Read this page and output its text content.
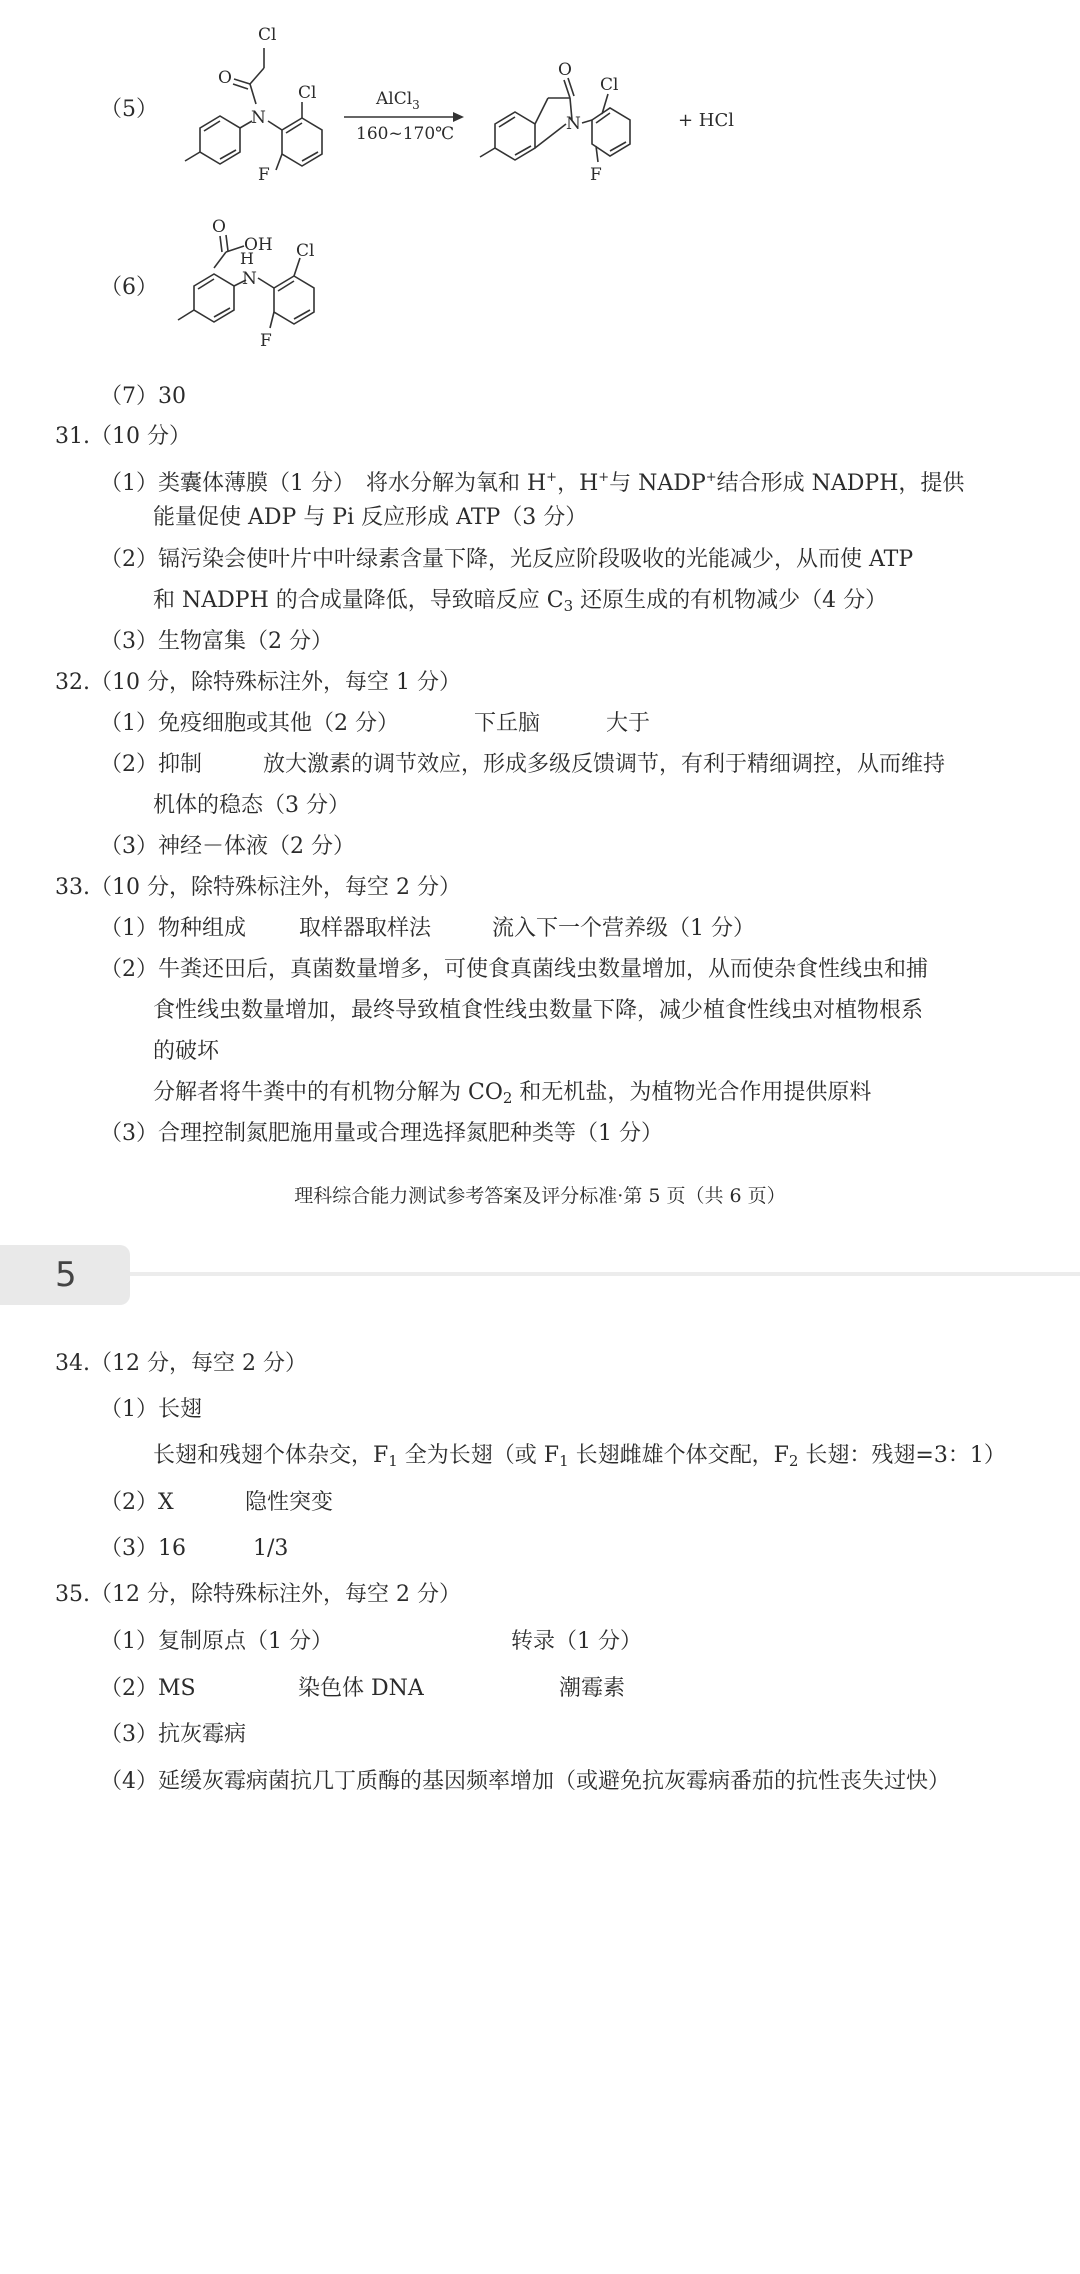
（5）	N
O
Cl
Cl
F
AlCl$_3$
160~170℃
O
N
Cl
F
+ HCl
（6）
O
OH
H
N
Cl
F
（7）30
31.（10 分）
（1）类囊体薄膜（1 分）　将水分解为氧和 H+，H+与 NADP+结合形成 NADPH，提供
能量促使 ADP 与 Pi 反应形成 ATP（3 分）
（2）镉污染会使叶片中叶绿素含量下降，光反应阶段吸收的光能减少，从而使 ATP
和 NADPH 的合成量降低，导致暗反应 $C_3$ 还原生成的有机物减少（4 分）
（3）生物富集（2 分）
32.（10 分，除特殊标注外，每空 1 分）
（1）免疫细胞或其他（2 分）	下丘脑	大于
（2）抑制	放大激素的调节效应，形成多级反馈调节，有利于精细调控，从而维持
机体的稳态（3 分）
（3）神经－体液（2 分）
33.（10 分，除特殊标注外，每空 2 分）
（1）物种组成 取样器取样法	流入下一个营养级（1 分）
（2）牛粪还田后，真菌数量增多，可使食真菌线虫数量增加，从而使杂食性线虫和捕
食性线虫数量增加，最终导致植食性线虫数量下降，减少植食性线虫对植物根系
的破坏
分解者将牛粪中的有机物分解为 $CO_2$ 和无机盐，为植物光合作用提供原料
（3）合理控制氮肥施用量或合理选择氮肥种类等（1 分）
理科综合能力测试参考答案及评分标准·第 5 页（共 6 页）
5
34.（12 分，每空 2 分）
（1）长翅
长翅和残翅个体杂交，$F_1$ 全为长翅（或 $F_1$ 长翅雌雄个体交配，$F_2$ 长翅：残翅=3：1）
（2）X	隐性突变
（3）16	1/3
35.（12 分，除特殊标注外，每空 2 分）
（1）复制原点（1 分）	转录（1 分）
（2）MS	染色体 DNA	潮霉素
（3）抗灰霉病
（4）延缓灰霉病菌抗几丁质酶的基因频率增加（或避免抗灰霉病番茄的抗性丧失过快）
